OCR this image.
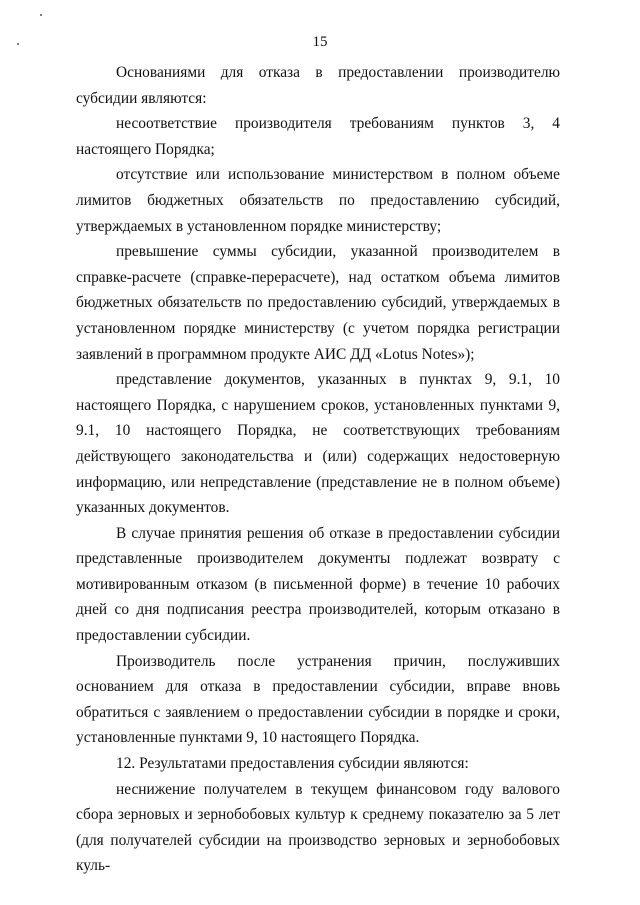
15

Основаниями для отказа в предоставлении производителю субсидии являются:

несоответствие производителя требованиям пунктов 3, 4 настоящего Порядка;

отсутствие или использование министерством в полном объеме лимитов бюджетных обязательств по предоставлению субсидий, утверждаемых в установленном порядке министерству;

превышение суммы субсидии, указанной производителем в справке-расчете (справке-перерасчете), над остатком объема лимитов бюджетных обязательств по предоставлению субсидий, утверждаемых в установленном порядке министерству (с учетом порядка регистрации заявлений в программном продукте АИС ДД «Lotus Notes»);

представление документов, указанных в пунктах 9, 9.1, 10 настоящего Порядка, с нарушением сроков, установленных пунктами 9, 9.1, 10 настоящего Порядка, не соответствующих требованиям действующего законодательства и (или) содержащих недостоверную информацию, или непредставление (представление не в полном объеме) указанных документов.

В случае принятия решения об отказе в предоставлении субсидии представленные производителем документы подлежат возврату с мотивированным отказом (в письменной форме) в течение 10 рабочих дней со дня подписания реестра производителей, которым отказано в предоставлении субсидии.

Производитель после устранения причин, послуживших основанием для отказа в предоставлении субсидии, вправе вновь обратиться с заявлением о предоставлении субсидии в порядке и сроки, установленные пунктами 9, 10 настоящего Порядка.

12. Результатами предоставления субсидии являются:

неснижение получателем в текущем финансовом году валового сбора зерновых и зернобобовых культур к среднему показателю за 5 лет (для получателей субсидии на производство зерновых и зернобобовых куль-
